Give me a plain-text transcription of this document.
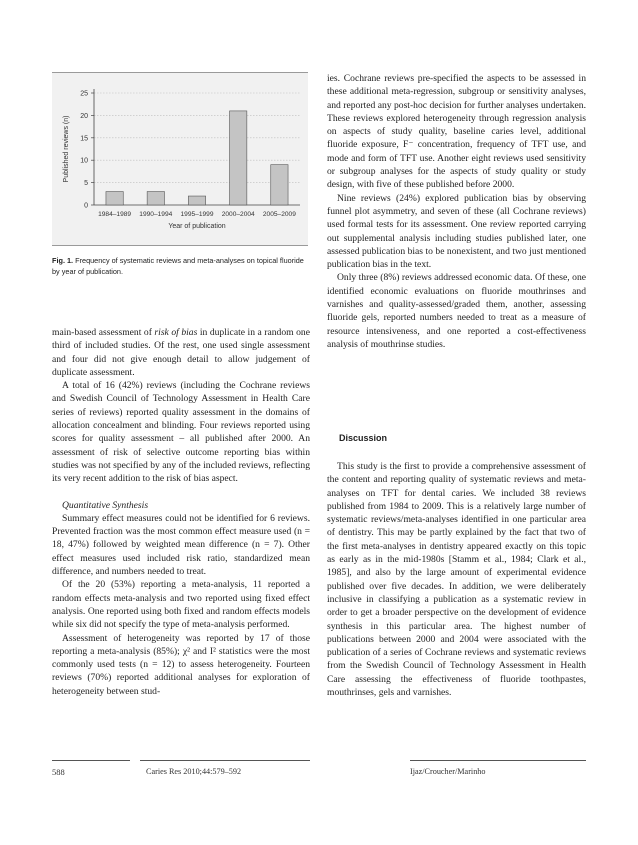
0
5
10
15
20
25
1984–1989 1990–1994 1995–1999 2000–2004 2005–2009
Year of publication
Published reviews (n)
Fig. 1. Frequency of systematic reviews and meta-analyses on topical fluoride by year of publication.

main-based assessment of risk of bias in duplicate in a random one third of included studies. Of the rest, one used single assessment and four did not give enough detail to allow judgement of duplicate assessment.

A total of 16 (42%) reviews (including the Cochrane reviews and Swedish Council of Technology Assessment in Health Care series of reviews) reported quality assessment in the domains of allocation concealment and blinding. Four reviews reported using scores for quality assessment – all published after 2000. An assessment of risk of selective outcome reporting bias within studies was not specified by any of the included reviews, reflecting its very recent addition to the risk of bias aspect.

Quantitative Synthesis

Summary effect measures could not be identified for 6 reviews. Prevented fraction was the most common effect measure used (n = 18, 47%) followed by weighted mean difference (n = 7). Other effect measures used included risk ratio, standardized mean difference, and numbers needed to treat.

Of the 20 (53%) reporting a meta-analysis, 11 reported a random effects meta-analysis and two reported using fixed effect analysis. One reported using both fixed and random effects models while six did not specify the type of meta-analysis performed.

Assessment of heterogeneity was reported by 17 of those reporting a meta-analysis (85%); χ² and I² statistics were the most commonly used tests (n = 12) to assess heterogeneity. Fourteen reviews (70%) reported additional analyses for exploration of heterogeneity between stud-

ies. Cochrane reviews pre-specified the aspects to be assessed in these additional meta-regression, subgroup or sensitivity analyses, and reported any post-hoc decision for further analyses undertaken. These reviews explored heterogeneity through regression analysis on aspects of study quality, baseline caries level, additional fluoride exposure, F⁻ concentration, frequency of TFT use, and mode and form of TFT use. Another eight reviews used sensitivity or subgroup analyses for the aspects of study quality or study design, with five of these published before 2000.

Nine reviews (24%) explored publication bias by observing funnel plot asymmetry, and seven of these (all Cochrane reviews) used formal tests for its assessment. One review reported carrying out supplemental analysis including studies published later, one assessed publication bias to be nonexistent, and two just mentioned publication bias in the text.

Only three (8%) reviews addressed economic data. Of these, one identified economic evaluations on fluoride mouthrinses and varnishes and quality-assessed/graded them, another, assessing fluoride gels, reported numbers needed to treat as a measure of resource intensiveness, and one reported a cost-effectiveness analysis of mouthrinse studies.

Discussion

This study is the first to provide a comprehensive assessment of the content and reporting quality of systematic reviews and meta-analyses on TFT for dental caries. We included 38 reviews published from 1984 to 2009. This is a relatively large number of systematic reviews/meta-analyses identified in one particular area of dentistry. This may be partly explained by the fact that two of the first meta-analyses in dentistry appeared exactly on this topic as early as in the mid-1980s [Stamm et al., 1984; Clark et al., 1985], and also by the large amount of experimental evidence published over five decades. In addition, we were deliberately inclusive in classifying a publication as a systematic review in order to get a broader perspective on the development of evidence synthesis in this particular area. The highest number of publications between 2000 and 2004 were associated with the publication of a series of Cochrane reviews and systematic reviews from the Swedish Council of Technology Assessment in Health Care assessing the effectiveness of fluoride toothpastes, mouthrinses, gels and varnishes.

588	Caries Res 2010;44:579–592	Ijaz/Croucher/Marinho
